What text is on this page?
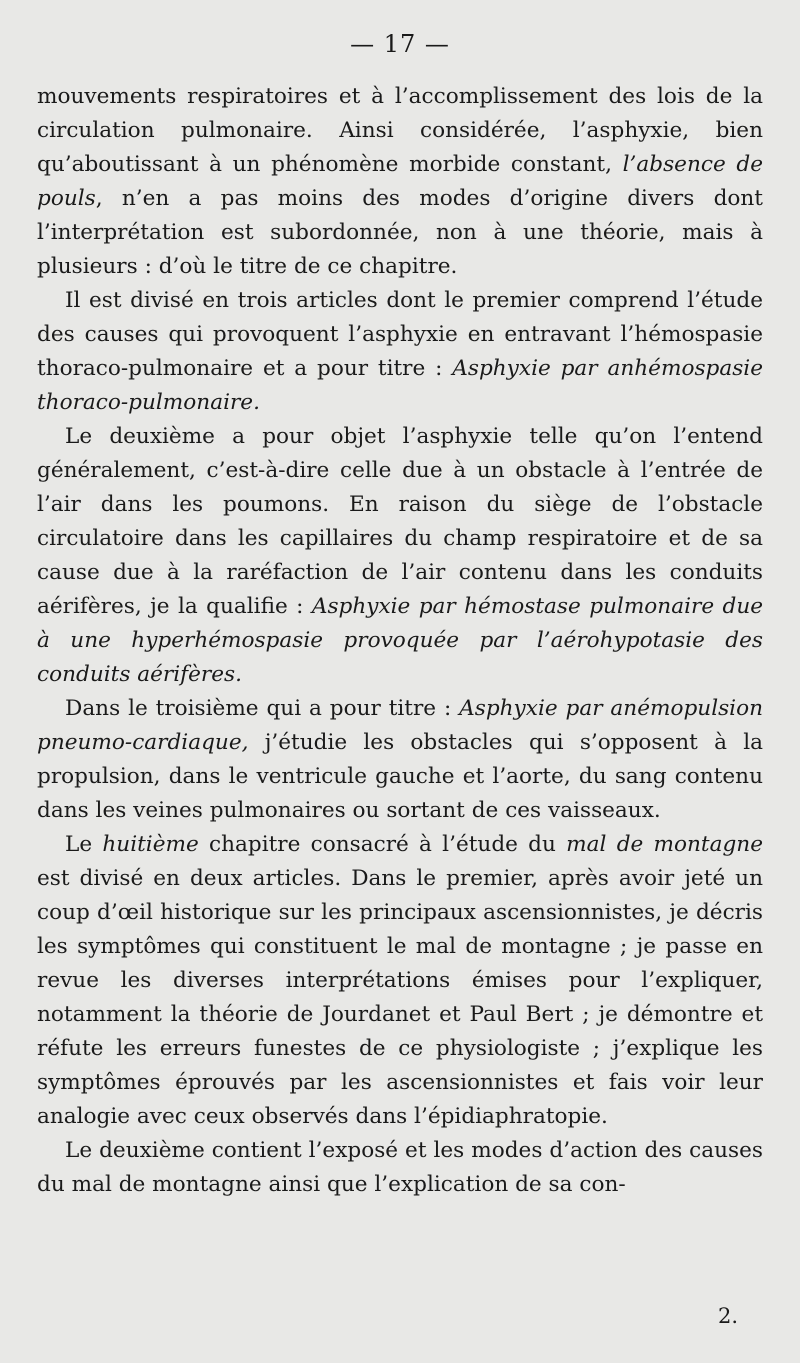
— 17 —

mouvements respiratoires et à l’accomplissement des lois de la circulation pulmonaire. Ainsi considérée, l’asphyxie, bien qu’aboutissant à un phénomène morbide constant, l’absence de pouls, n’en a pas moins des modes d’origine divers dont l’interprétation est subordonnée, non à une théorie, mais à plusieurs : d’où le titre de ce chapitre.

Il est divisé en trois articles dont le premier comprend l’étude des causes qui provoquent l’asphyxie en entravant l’hémospasie thoraco-pulmonaire et a pour titre : Asphyxie par anhémospasie thoraco-pulmonaire.

Le deuxième a pour objet l’asphyxie telle qu’on l’entend généralement, c’est-à-dire celle due à un obstacle à l’entrée de l’air dans les poumons. En raison du siège de l’obstacle circulatoire dans les capillaires du champ respiratoire et de sa cause due à la raréfaction de l’air contenu dans les conduits aérifères, je la qualifie : Asphyxie par hémostase pulmonaire due à une hyperhémospasie provoquée par l’aérohypotasie des conduits aérifères.

Dans le troisième qui a pour titre : Asphyxie par anémopulsion pneumo-cardiaque, j’étudie les obstacles qui s’opposent à la propulsion, dans le ventricule gauche et l’aorte, du sang contenu dans les veines pulmonaires ou sortant de ces vaisseaux.

Le huitième chapitre consacré à l’étude du mal de montagne est divisé en deux articles. Dans le premier, après avoir jeté un coup d’œil historique sur les principaux ascensionnistes, je décris les symptômes qui constituent le mal de montagne ; je passe en revue les diverses interprétations émises pour l’expliquer, notamment la théorie de Jourdanet et Paul Bert ; je démontre et réfute les erreurs funestes de ce physiologiste ; j’explique les symptômes éprouvés par les ascensionnistes et fais voir leur analogie avec ceux observés dans l’épidiaphratopie.

Le deuxième contient l’exposé et les modes d’action des causes du mal de montagne ainsi que l’explication de sa con-

2.
